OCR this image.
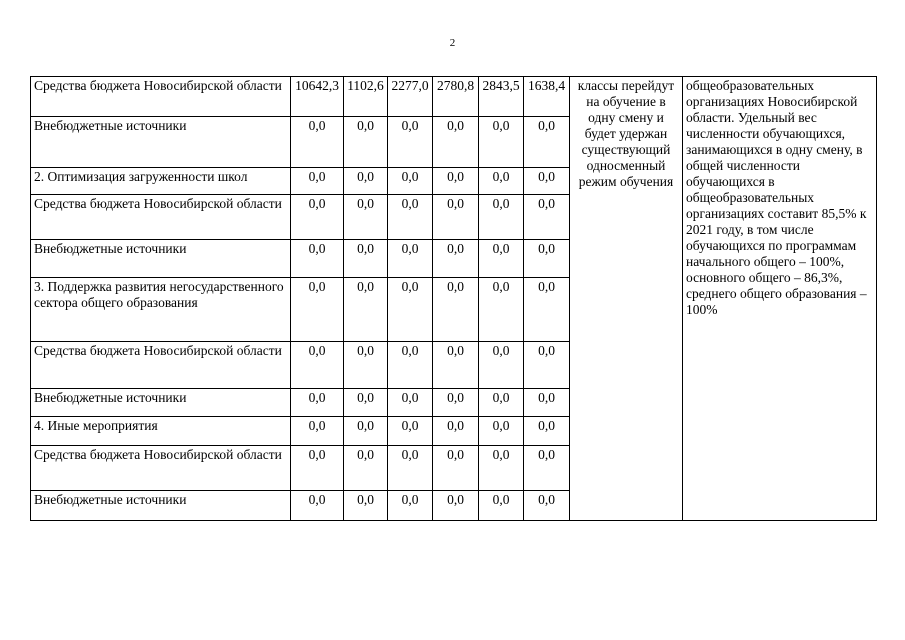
2
Средства бюджета Новосибирской области	10642,3	1102,6	2277,0	2780,8	2843,5	1638,4	классы перейдут на обучение в одну смену и будет удержан существующий односменный режим обучения	общеобразовательных организациях Новосибирской области. Удельный вес численности обучающихся, занимающихся в одну смену, в общей численности обучающихся в общеобразовательных организациях составит 85,5% к 2021 году, в том числе обучающихся по программам начального общего – 100%, основного общего – 86,3%, среднего общего образования – 100%
Внебюджетные источники	0,0	0,0	0,0	0,0	0,0	0,0		
2. Оптимизация загруженности школ	0,0	0,0	0,0	0,0	0,0	0,0		
Средства бюджета Новосибирской области	0,0	0,0	0,0	0,0	0,0	0,0		
Внебюджетные источники	0,0	0,0	0,0	0,0	0,0	0,0		
3. Поддержка развития негосударственного сектора общего образования	0,0	0,0	0,0	0,0	0,0	0,0		
Средства бюджета Новосибирской области	0,0	0,0	0,0	0,0	0,0	0,0		
Внебюджетные источники	0,0	0,0	0,0	0,0	0,0	0,0		
4. Иные мероприятия	0,0	0,0	0,0	0,0	0,0	0,0		
Средства бюджета Новосибирской области	0,0	0,0	0,0	0,0	0,0	0,0		
Внебюджетные источники	0,0	0,0	0,0	0,0	0,0	0,0		
